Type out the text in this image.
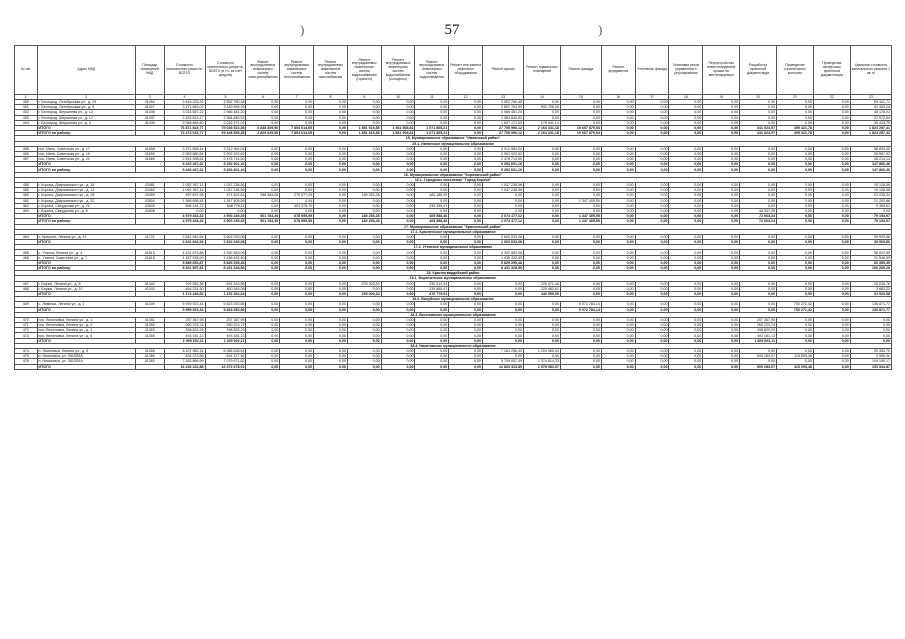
)	57	)
№ п/п	Адрес МКД	Площадь помещений МКД	Стоимость капитального ремонта, ВСЕГО	Стоимость капитального ремонта, ВСЕГО (в т.ч. за счет средств)	Ремонт внутридомовых инженерных систем электроснабжения	Ремонт внутридомовых инженерных систем теплоснабжения	Ремонт внутридомовых инженерных систем газоснабжения	Ремонт внутридомовых инженерных систем водоснабжения (горячего)	Ремонт внутридомовых инженерных систем водоснабжения (холодного)	Ремонт внутридомовых инженерных систем водоотведения	Ремонт или замена лифтового оборудования	Ремонт крыши	Ремонт подвальных помещений	Ремонт фасада	Ремонт фундамента	Утепление фасада	Установка узлов управления и регулирования	Переустройство невентилируемой крыши на вентилируемую	Разработка проектной документации	Проведение строительного контроля	Проведение экспертизы проектной документации	Удельная стоимость капитального ремонта 1 кв. м
1	2	3	4	5	6	7	8	9	10	11	12	13	14	15	16	17	18	19	20	21	22	23
450	г. Белгород, Октябрьская ул., д. 29	41262	2 616 225,29	2 552 780,48	0,00	0,00	0,00	0,00	0,00	0,00	0,00	2 552 780,48	0,00	0,00	0,00	0,00	0,00	0,00	0,00	0,00	0,00	63 441,71
451	г. Белгород, Октябрьская ул., д. 5	41407	3 471 863,02	3 430 559,78	0,00	0,00	0,00	0,00	0,00	0,00	0,00	2 897 763,50	532 796,28	0,00	0,00	0,00	0,00	0,00	0,00	0,00	0,00	41 303,24
452	г. Белгород, Шершнева ул., д. 12	41436	3 014 657,22	2 966 481,20	0,00	0,00	0,00	0,00	0,00	0,00	0,00	2 966 481,20	0,00	0,00	0,00	0,00	0,00	0,00	0,00	0,00	0,00	48 176,02
453	г. Белгород, Шершнева ул., д. 17	41437	2 402 813,17	2 364 840,53	0,00	0,00	0,00	0,00	0,00	0,00	0,00	2 364 840,53	0,00	0,00	0,00	0,00	0,00	0,00	0,00	0,00	0,00	37 972,64
454	г. Белгород, Шершнева ул., д. 3	41440	2 046 684,80	2 016 271,01	0,00	0,00	0,00	0,00	0,00	0,00	0,00	1 827 171,05	175 441,14	0,00	0,00	0,00	0,00	0,00	0,00	0,00	0,00	30 413,79
	ИТОГО		76 871 819,77	75 046 522,36	6 838 309,50	7 854 614,65	0,00	1 851 615,85	1 861 908,81	1 071 865,21	0,00	27 705 996,12	2 164 341,18	19 607 879,54	0,00	0,00	0,00	0,00	341 024,97	495 421,78	0,00	1 824 297,41
	ИТОГО по району:		70 474 015,77	69 448 555,35	2 829 629,56	7 854 614,65	0,00	1 851 615,85	1 861 908,81	1 071 865,21	0,00	27 705 996,12	2 164 341,18	19 607 879,54	0,00	0,00	0,00	0,00	341 024,97	495 421,78	0,00	1 824 297,41
15. Муниципальное образование "Ивнянский район"																						
15.1. Ивнянское муниципальное образование																						
455	пос. Ивня, Советская ул., д. 17	41658	3 971 658,44	3 912 964,04	0,00	0,00	0,00	0,00	0,00	0,00	0,00	3 912 964,04	0,00	0,00	0,00	0,00	0,00	0,00	0,00	0,00	0,00	58 694,40
456	пос. Ивня, Советская ул., д. 19	41659	2 953 880,54	2 902 922,62	0,00	0,00	0,00	0,00	0,00	0,00	0,00	2 902 922,62	0,00	0,00	0,00	0,00	0,00	0,00	0,00	0,00	0,00	50 957,92
457	пос. Ивня, Советская ул., д. 21	41660	2 514 928,64	2 476 714,50	0,00	0,00	0,00	0,00	0,00	0,00	0,00	2 476 714,50	0,00	0,00	0,00	0,00	0,00	0,00	0,00	0,00	0,00	38 214,14
	ИТОГО		9 440 467,62	9 292 601,16	0,00	0,00	0,00	0,00	0,00	0,00	0,00	9 292 601,16	0,00	0,00	0,00	0,00	0,00	0,00	0,00	0,00	0,00	147 866,46
	ИТОГО по району:		9 440 467,62	9 292 601,16	0,00	0,00	0,00	0,00	0,00	0,00	0,00	9 292 601,16	0,00	0,00	0,00	0,00	0,00	0,00	0,00	0,00	0,00	147 866,46
16. Муниципальное образование "Корочанский район"																						
16.1. Городское поселение "Город Короча"																						
458	г. Короча, Дзержинского ул., д. 18	43481	1 052 367,14	1 037 238,56	0,00	0,00	0,00	0,00	0,00	0,00	0,00	1 037 238,56	0,00	0,00	0,00	0,00	0,00	0,00	0,00	0,00	0,00	15 128,58
459	г. Короча, Дзержинского ул., д. 14	43482	1 052 367,14	1 037 238,56	0,00	0,00	0,00	0,00	0,00	0,00	0,00	1 037 238,56	0,00	0,00	0,00	0,00	0,00	0,00	0,00	0,00	0,00	15 128,58
460	г. Короча, Дзержинского ул., д. 28	43499	997 637,95	974 402,61	258 384,05	275 577,29	0,00	180 253,28	0,00	160 188,99	0,00	0,00	0,00	0,00	0,00	0,00	0,00	0,00	0,00	0,00	0,00	23 235,34
461	г. Короча, Дзержинского ул., д. 32	43504	1 368 698,45	1 347 405,59	0,00	0,00	0,00	0,00	0,00	0,00	0,00	0,00	0,00	1 347 405,59	0,00	0,00	0,00	0,00	0,00	0,00	0,00	21 292,86
462	г. Короча, Свердлова ул., д. 76	43505	658 144,72	648 778,11	0,00	403 378,70	0,00	0,00	0,00	245 399,41	0,00	0,00	0,00	0,00	0,00	0,00	0,00	0,00	0,00	0,00	0,00	9 366,61
463	г. Короча, Свердлова ул., д. 8	43506	0,00	0,00	0,00	0,00	0,00	0,00	0,00	0,00	0,00	0,00	0,00	0,00	0,00	0,00	0,00	0,00	44 337,25	0,00	0,00	0,00
	ИТОГО		4 979 433,42	4 900 239,45	501 784,39	678 955,99	0,00	180 253,28	0,00	405 588,40	0,00	2 074 477,12	0,00	1 347 405,59	0,00	0,00	0,00	0,00	72 063,24	0,00	0,00	79 193,97
	ИТОГО по району:		4 979 433,42	4 900 239,45	501 784,39	678 955,99	0,00	180 253,28	0,00	405 588,40	0,00	2 074 477,12	0,00	1 347 405,59	0,00	0,00	0,00	0,00	72 063,24	0,00	0,00	79 193,97
17. Муниципальное образование "Красненский район"																						
17.1. Красненское муниципальное образование																						
464	с. Красное, Ленина ул., д. 41	41721	2 641 942,94	2 602 033,08	0,00	0,00	0,00	0,00	0,00	0,00	0,00	2 602 033,08	0,00	0,00	0,00	0,00	0,00	0,00	0,00	0,00	0,00	39 909,86
	ИТОГО		2 641 942,94	2 602 033,08	0,00	0,00	0,00	0,00	0,00	0,00	0,00	2 602 033,08	0,00	0,00	0,00	0,00	0,00	0,00	0,00	0,00	0,00	39 909,86
17.2. Утянское муниципальное образование																						
465	с. Утянка, Ленина ул., д. 4	41815	4 431 675,88	4 392 863,08	0,00	0,00	0,00	0,00	0,00	0,00	0,00	4 392 863,08	0,00	0,00	0,00	0,00	0,00	0,00	0,00	0,00	0,00	38 812,80
466	с. Утянка, Советская ул., д. 7	41816	1 457 978,99	1 436 432,40	0,00	0,00	0,00	0,00	0,00	0,00	0,00	1 436 432,40	0,00	0,00	0,00	0,00	0,00	0,00	0,00	0,00	0,00	21 546,59
	ИТОГО		5 889 654,87	5 829 295,48	0,00	0,00	0,00	0,00	0,00	0,00	0,00	5 829 295,48	0,00	0,00	0,00	0,00	0,00	0,00	0,00	0,00	0,00	60 359,39
	ИТОГО по району:		8 531 597,81	8 431 328,56	0,00	0,00	0,00	0,00	0,00	0,00	0,00	8 431 328,56	0,00	0,00	0,00	0,00	0,00	0,00	0,00	0,00	0,00	100 269,25
18. Красногвардейский район																						
18.1. Бирюченское муниципальное образование																						
467	г. Бирюч, Ленина ул., д. 6	41342	709 952,36	691 913,56	0,00	0,00	0,00	239 003,32	0,00	230 914,44	0,00	0,00	220 071,44	0,00	0,00	0,00	0,00	0,00	0,00	0,00	0,00	18 038,76
468	г. Бирюч, Ленина ул., д. 10	41343	464 231,30	460 349,08	0,00	0,00	0,00	0,00	0,00	239 865,47	0,00	0,00	220 483,61	0,00	0,00	0,00	0,00	0,00	0,00	0,00	0,00	3 882,22
	ИТОГО		1 174 183,66	1 152 262,64	0,00	0,00	0,00	239 003,32	0,00	470 779,91	0,00	0,00	440 555,05	0,00	0,00	0,00	0,00	0,00	0,00	0,00	0,00	21 920,98
18.2. Валуйское муниципальное образование																						
469	с. Ливенка, Ленина ул., д. 1	41349	9 959 923,44	9 823 053,56	0,00	0,00	0,00	0,00	0,00	0,00	0,00	0,00	0,00	9 072 784,14	0,00	0,00	0,00	0,00	0,00	750 271,42	0,00	136 871,77
	ИТОГО		9 959 923,44	9 823 053,56	0,00	0,00	0,00	0,00	0,00	0,00	0,00	0,00	0,00	9 072 784,14	0,00	0,00	0,00	0,00	0,00	750 271,42	0,00	136 871,77
18.3. Веселовское муниципальное образование																						
470	пос. Веселовка, Ленина ул., д. 1	41351	257 367,95	257 367,95	0,00	0,00	0,00	0,00	0,00	0,00	0,00	0,00	0,00	0,00	0,00	0,00	0,00	0,00	257 367,95	0,00	0,00	0,00
471	пос. Веселовка, Ленина ул., д. 2	41352	260 223,74	260 223,74	0,00	0,00	0,00	0,00	0,00	0,00	0,00	0,00	0,00	0,00	0,00	0,00	0,00	0,00	260 223,74	0,00	0,00	0,00
472	пос. Веселовка, Ленина ул., д. 3	41353	398 829,29	398 829,29	0,00	0,00	0,00	0,00	0,00	0,00	0,00	0,00	0,00	0,00	0,00	0,00	0,00	0,00	398 829,29	0,00	0,00	0,00
473	пос. Веселовка, Ленина ул., д. 5	41355	493 181,13	493 181,13	0,00	0,00	0,00	0,00	0,00	0,00	0,00	0,00	0,00	0,00	0,00	0,00	0,00	0,00	493 181,13	0,00	0,00	0,00
	ИТОГО		1 409 602,11	1 409 602,11	0,00	0,00	0,00	0,00	0,00	0,00	0,00	0,00	0,00	0,00	0,00	0,00	0,00	0,00	1 409 602,11	0,00	0,00	0,00
18.4. Никитовское муниципальное образование																						
474	п. Никитовка, Ленина ул., д. 5	41356	8 407 982,34	8 368 628,64	0,00	0,00	0,00	0,00	0,00	0,00	0,00	7 164 256,40	1 204 369,24	0,00	0,00	0,00	0,00	0,00	0,00	0,00	0,00	39 353,70
475	п. Никитовка, ул. ЗЮЗЯЗА	41359	634 373,55	624 377,55	0,00	0,00	0,00	0,00	0,00	0,00	0,00	0,00	0,00	0,00	0,00	0,00	0,00	0,00	509 284,07	115 093,48	0,00	9 996,00
476	п. Никитовка, ул. ЗЮЗЯЗА	41360	7 183 866,99	7 079 671,82	0,00	0,00	0,00	0,00	0,00	0,00	0,00	5 705 057,49	1 374 614,33	0,00	0,00	0,00	0,00	0,00	0,00	0,00	0,00	104 195,17
	ИТОГО		16 226 222,88	16 072 678,01	0,00	0,00	0,00	0,00	0,00	0,00	0,00	12 869 313,89	2 578 983,57	0,00	0,00	0,00	0,00	0,00	509 284,07	115 093,48	0,00	153 544,87
